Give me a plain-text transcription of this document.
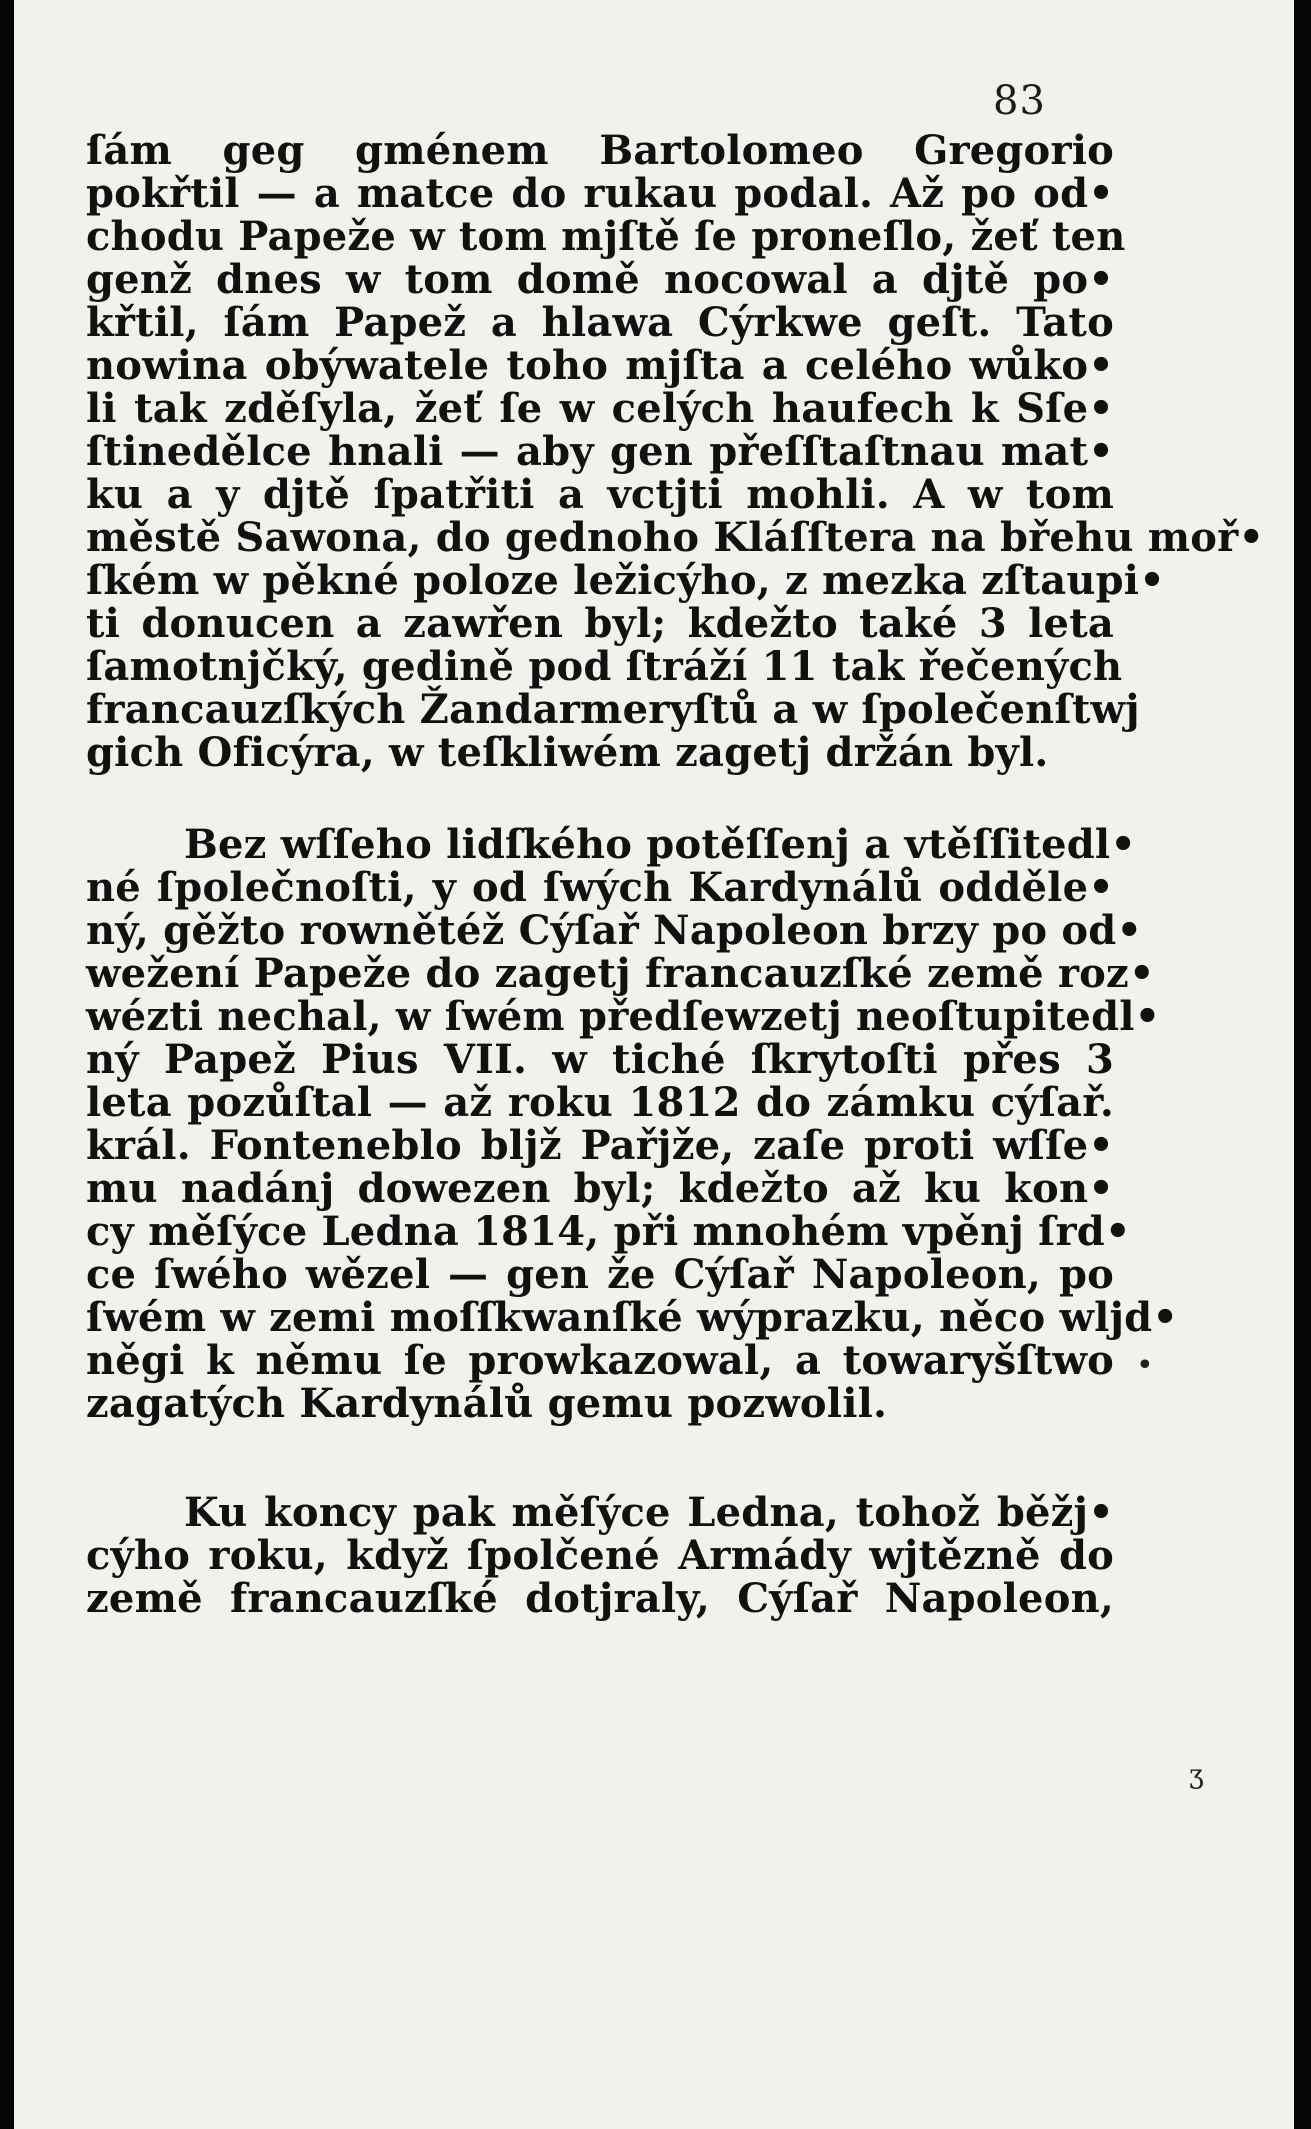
83
ſám geg gménem Bartolomeo Gregorio
pokřtil — a matce do rukau podal. Až po od•
chodu Papeže w tom mjſtě ſe proneſlo, žeť ten
genž dnes w tom domě nocowal a djtě po•
křtil, ſám Papež a hlawa Cýrkwe geſt. Tato
nowina obýwatele toho mjſta a celého wůko•
li tak zděſyla, žeť ſe w celých haufech k Sſe•
ſtinedělce hnali — aby gen přeſſtaſtnau mat•
ku a y djtě ſpatřiti a vctjti mohli. A w tom
městě Sawona, do gednoho Kláſſtera na břehu moř•
ſkém w pěkné poloze ležicýho, z mezka zſtaupi•
ti donucen a zawřen byl; kdežto také 3 leta
ſamotnjčký, gedině pod ſtráží 11 tak řečených
francauzſkých Žandarmeryſtů a w ſpolečenſtwj
gich Oficýra, w teſkliwém zagetj držán byl.
Bez wſſeho lidſkého potěſſenj a vtěſſitedl•
né ſpolečnoſti, y od ſwých Kardynálů odděle•
ný, gěžto rownětéž Cýſař Napoleon brzy po od•
wežení Papeže do zagetj francauzſké země roz•
wézti nechal, w ſwém předſewzetj neoſtupitedl•
ný Papež Pius VII. w tiché ſkrytoſti přes 3
leta pozůſtal — až roku 1812 do zámku cýſař.
král. Fonteneblo bljž Pařjže, zaſe proti wſſe•
mu nadánj dowezen byl; kdežto až ku kon•
cy měſýce Ledna 1814, při mnohém vpěnj ſrd•
ce ſwého wězel — gen že Cýſař Napoleon, po
ſwém w zemi moſſkwanſké wýprazku, něco wljd•
něgi k němu ſe prowkazowal, a towaryšſtwo
zagatých Kardynálů gemu pozwolil.
Ku koncy pak měſýce Ledna, tohož běžj•
cýho roku, když ſpolčené Armády wjtězně do
země francauzſké dotjraly, Cýſař Napoleon,
•
ʒ
